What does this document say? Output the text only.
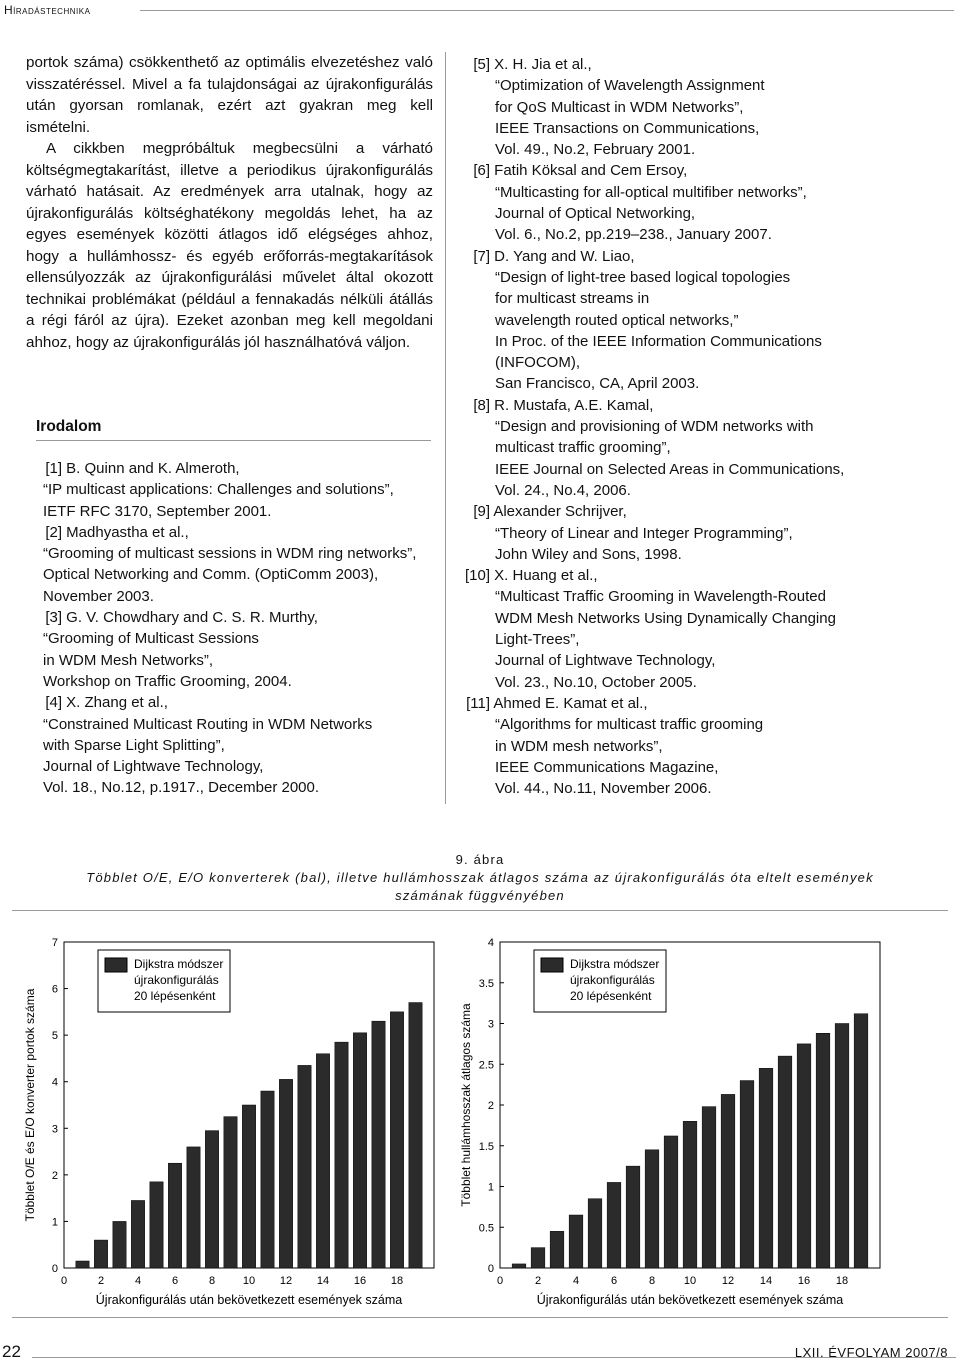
Híradástechnika

portok száma) csökkenthető az optimális elvezetéshez való visszatéréssel. Mivel a fa tulajdonságai az újrakonfigurálás után gyorsan romlanak, ezért azt gyakran meg kell ismételni.

A cikkben megpróbáltuk megbecsülni a várható költségmegtakarítást, illetve a periodikus újrakonfigurálás várható hatásait. Az eredmények arra utalnak, hogy az újrakonfigurálás költséghatékony megoldás lehet, ha az egyes események közötti átlagos idő elégséges ahhoz, hogy a hullámhossz- és egyéb erőforrás-megtakarítások ellensúlyozzák az újrakonfigurálási művelet által okozott technikai problémákat (például a fennakadás nélküli átállás a régi fáról az újra). Ezeket azonban meg kell megoldani ahhoz, hogy az újrakonfigurálás jól használhatóvá váljon.

Irodalom
[1] B. Quinn and K. Almeroth,
“IP multicast applications: Challenges and solutions”,
IETF RFC 3170, September 2001.
[2] Madhyastha et al.,
“Grooming of multicast sessions in WDM ring networks”,
Optical Networking and Comm. (OptiComm 2003),
November 2003.
[3] G. V. Chowdhary and C. S. R. Murthy,
“Grooming of Multicast Sessions
in WDM Mesh Networks”,
Workshop on Traffic Grooming, 2004.
[4] X. Zhang et al.,
“Constrained Multicast Routing in WDM Networks
with Sparse Light Splitting”,
Journal of Lightwave Technology,
Vol. 18., No.12, p.1917., December 2000.
[5] X. H. Jia et al.,
“Optimization of Wavelength Assignment
for QoS Multicast in WDM Networks”,
IEEE Transactions on Communications,
Vol. 49., No.2, February 2001.
[6] Fatih Köksal and Cem Ersoy,
“Multicasting for all-optical multifiber networks”,
Journal of Optical Networking,
Vol. 6., No.2, pp.219–238., January 2007.
[7] D. Yang and W. Liao,
“Design of light-tree based logical topologies
for multicast streams in
wavelength routed optical networks,”
In Proc. of the IEEE Information Communications
(INFOCOM),
San Francisco, CA, April 2003.
[8] R. Mustafa, A.E. Kamal,
“Design and provisioning of WDM networks with
multicast traffic grooming”,
IEEE Journal on Selected Areas in Communications,
Vol. 24., No.4, 2006.
[9] Alexander Schrijver,
“Theory of Linear and Integer Programming”,
John Wiley and Sons, 1998.
[10] X. Huang et al.,
“Multicast Traffic Grooming in Wavelength-Routed
WDM Mesh Networks Using Dynamically Changing
Light-Trees”,
Journal of Lightwave Technology,
Vol. 23., No.10, October 2005.
[11] Ahmed E. Kamat et al.,
“Algorithms for multicast traffic grooming
in WDM mesh networks”,
IEEE Communications Magazine,
Vol. 44., No.11, November 2006.
9. ábra
Többlet O/E, E/O konverterek (bal), illetve hullámhosszak átlagos száma az újrakonfigurálás óta eltelt események
számának függvényében
0
1
2
3
4
5
6
7
0	2	4	6	8	10 12 14 16 18
Újrakonfigurálás után bekövetkezett események száma
Többlet O/E és E/O konverter portok száma
Dijkstra módszer
újrakonfigurálás
20 lépésenként
0
0.5
1
1.5
2
2.5
3
3.5
4
0	2	4	6	8	10 12 14 16 18
Újrakonfigurálás után bekövetkezett események száma
Többlet hullámhosszak átlagos száma
Dijkstra módszer
újrakonfigurálás
20 lépésenként
22	LXII. ÉVFOLYAM 2007/8
